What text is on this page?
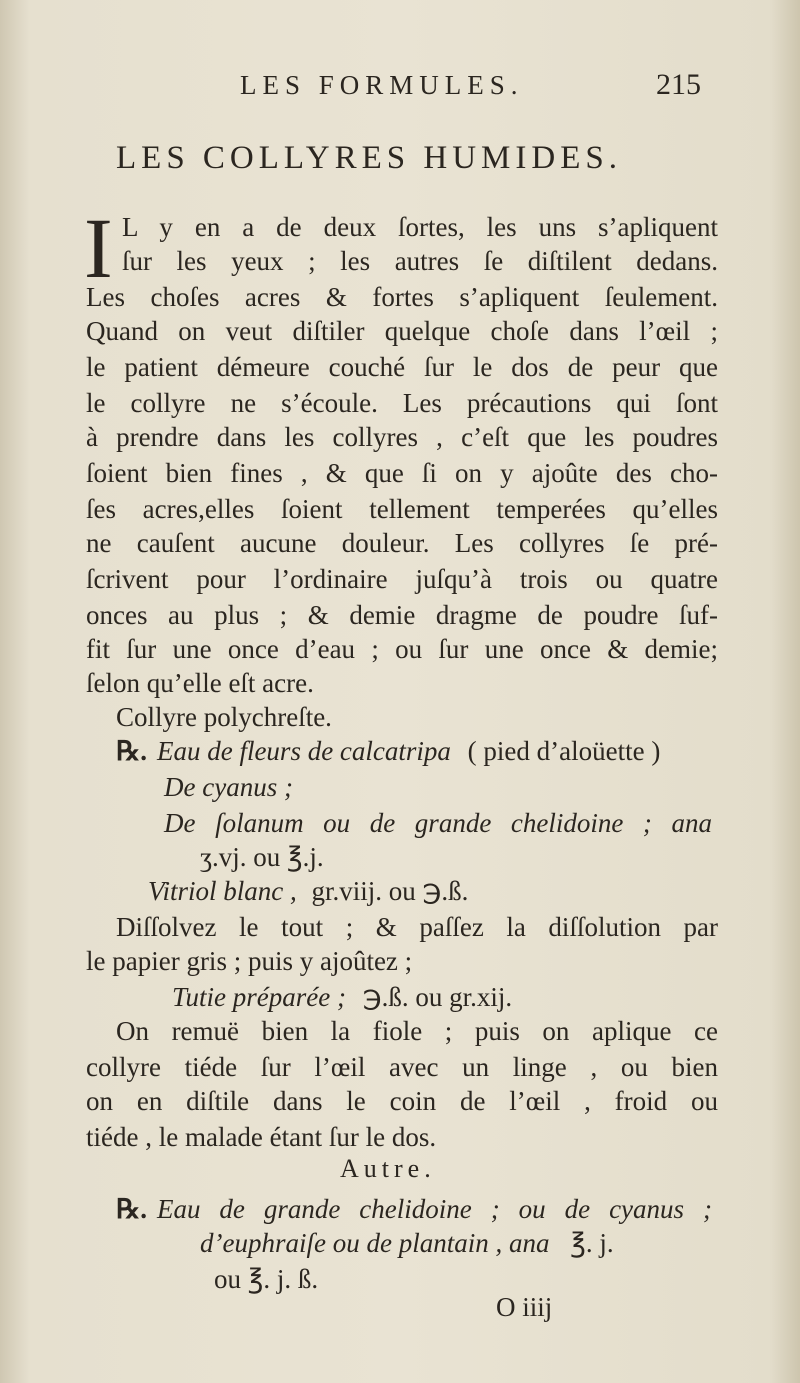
LES FORMULES.	215
LES COLLYRES HUMIDES.
I L y en a de deux ſortes, les uns s’apliquent
ſur les yeux ; les autres ſe diſtilent dedans.
Les choſes acres & fortes s’apliquent ſeulement.
Quand on veut diſtiler quelque choſe dans l’œil ;
le patient démeure couché ſur le dos de peur que
le collyre ne s’écoule. Les précautions qui ſont
à prendre dans les collyres , c’eſt que les poudres
ſoient bien fines , & que ſi on y ajoûte des cho-
ſes acres,elles ſoient tellement temperées qu’elles
ne cauſent aucune douleur. Les collyres ſe pré-
ſcrivent pour l’ordinaire juſqu’à trois ou quatre
onces au plus ; & demie dragme de poudre ſuf-
fit ſur une once d’eau ; ou ſur une once & demie;
ſelon qu’elle eſt acre.
Collyre polychreſte.
℞. Eau de fleurs de calcatripa ( pied d’aloüette )
De cyanus ;
De ſolanum ou de grande chelidoine ; ana
ʒ.vj. ou ℥.j.
Vitriol blanc , gr.viij. ou ℈.ß.
Diſſolvez le tout ; & paſſez la diſſolution par
le papier gris ; puis y ajoûtez ;
Tutie préparée ; ℈.ß. ou gr.xij.
On remuë bien la fiole ; puis on aplique ce
collyre tiéde ſur l’œil avec un linge , ou bien
on en diſtile dans le coin de l’œil , froid ou
tiéde , le malade étant ſur le dos.
Autre.
℞. Eau de grande chelidoine ; ou de cyanus ;
d’euphraiſe ou de plantain , ana ℥. j.
ou ℥. j. ß.
O iiij
